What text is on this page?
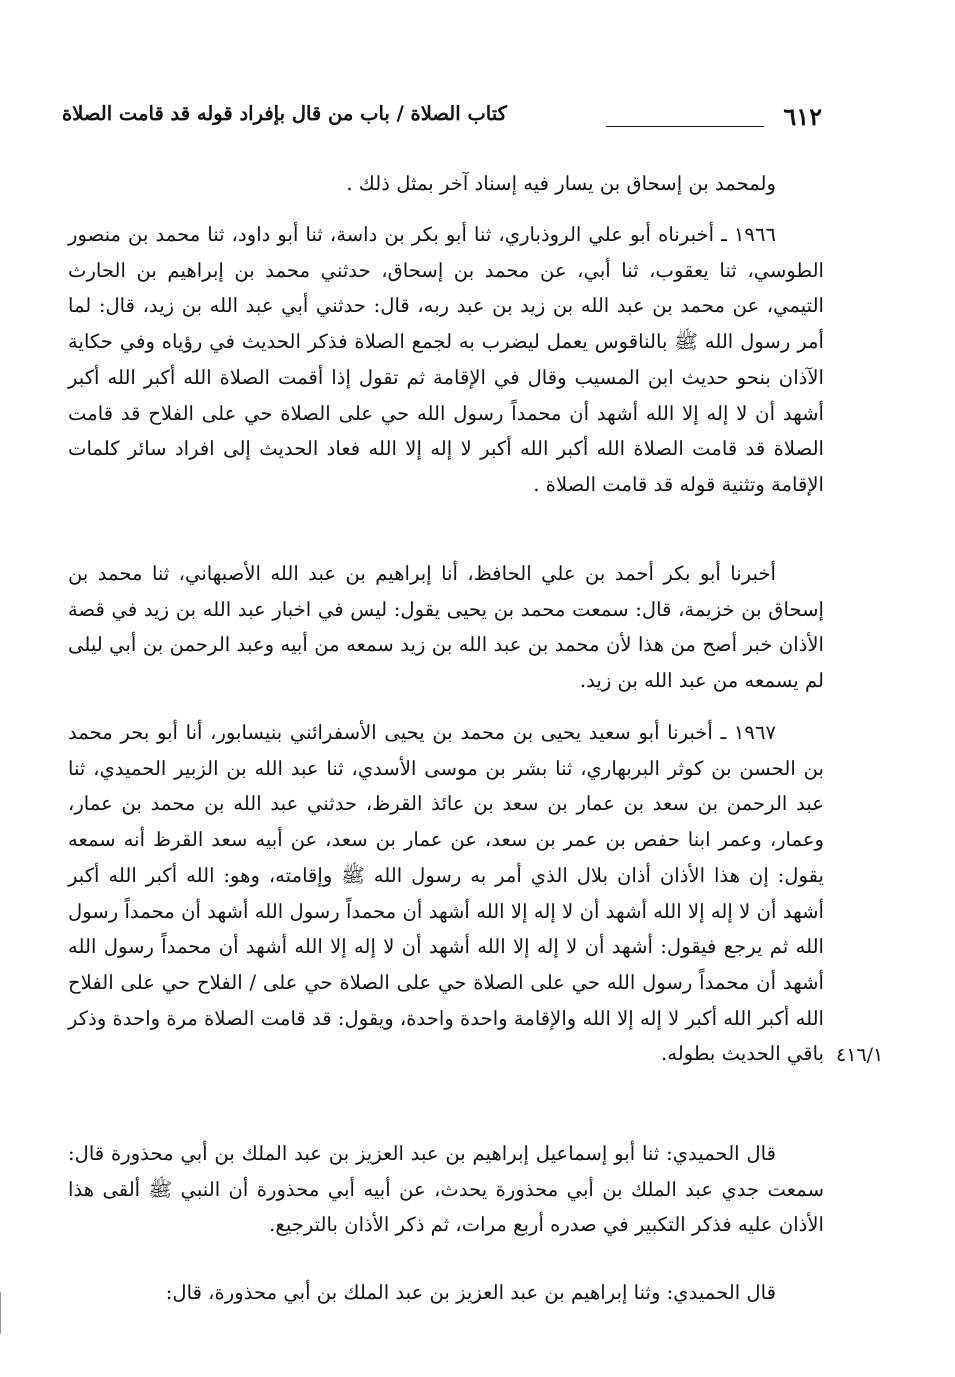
٦١٢
كتاب الصلاة / باب من قال بإفراد قوله قد قامت الصلاة

ولمحمد بن إسحاق بن يسار فيه إسناد آخر بمثل ذلك .

١٩٦٦ ـ أخبرناه أبو علي الروذباري، ثنا أبو بكر بن داسة، ثنا أبو داود، ثنا محمد بن منصور الطوسي، ثنا يعقوب، ثنا أبي، عن محمد بن إسحاق، حدثني محمد بن إبراهيم بن الحارث التيمي، عن محمد بن عبد الله بن زيد بن عبد ربه، قال: حدثني أبي عبد الله بن زيد، قال: لما أمر رسول الله ﷺ بالناقوس يعمل ليضرب به لجمع الصلاة فذكر الحديث في رؤياه وفي حكاية الآذان بنحو حديث ابن المسيب وقال في الإقامة ثم تقول إذا أقمت الصلاة الله أكبر الله أكبر أشهد أن لا إله إلا الله أشهد أن محمداً رسول الله حي على الصلاة حي على الفلاح قد قامت الصلاة قد قامت الصلاة الله أكبر الله أكبر لا إله إلا الله فعاد الحديث إلى افراد سائر كلمات الإقامة وتثنية قوله قد قامت الصلاة .

أخبرنا أبو بكر أحمد بن علي الحافظ، أنا إبراهيم بن عبد الله الأصبهاني، ثنا محمد بن إسحاق بن خزيمة، قال: سمعت محمد بن يحيى يقول: ليس في اخبار عبد الله بن زيد في قصة الأذان خبر أصح من هذا لأن محمد بن عبد الله بن زيد سمعه من أبيه وعبد الرحمن بن أبي ليلى لم يسمعه من عبد الله بن زيد.

١٩٦٧ ـ أخبرنا أبو سعيد يحيى بن محمد بن يحيى الأسفرائني بنيسابور، أنا أبو بحر محمد بن الحسن بن كوثر البربهاري، ثنا بشر بن موسى الأسدي، ثنا عبد الله بن الزبير الحميدي، ثنا عبد الرحمن بن سعد بن عمار بن سعد بن عائذ القرظ، حدثني عبد الله بن محمد بن عمار، وعمار، وعمر ابنا حفص بن عمر بن سعد، عن عمار بن سعد، عن أبيه سعد القرظ أنه سمعه يقول: إن هذا الأذان أذان بلال الذي أمر به رسول الله ﷺ وإقامته، وهو: الله أكبر الله أكبر أشهد أن لا إله إلا الله أشهد أن لا إله إلا الله أشهد أن محمداً رسول الله أشهد أن محمداً رسول الله ثم يرجع فيقول: أشهد أن لا إله إلا الله أشهد أن لا إله إلا الله أشهد أن محمداً رسول الله أشهد أن محمداً رسول الله حي على الصلاة حي على الصلاة حي على / الفلاح حي على الفلاح الله أكبر الله أكبر لا إله إلا الله والإقامة واحدة واحدة، ويقول: قد قامت الصلاة مرة واحدة وذكر باقي الحديث بطوله.

قال الحميدي: ثنا أبو إسماعيل إبراهيم بن عبد العزيز بن عبد الملك بن أبي محذورة قال: سمعت جدي عبد الملك بن أبي محذورة يحدث، عن أبيه أبي محذورة أن النبي ﷺ ألقى هذا الأذان عليه فذكر التكبير في صدره أربع مرات، ثم ذكر الأذان بالترجيع.

قال الحميدي: وثنا إبراهيم بن عبد العزيز بن عبد الملك بن أبي محذورة، قال:

٤١٦/١
